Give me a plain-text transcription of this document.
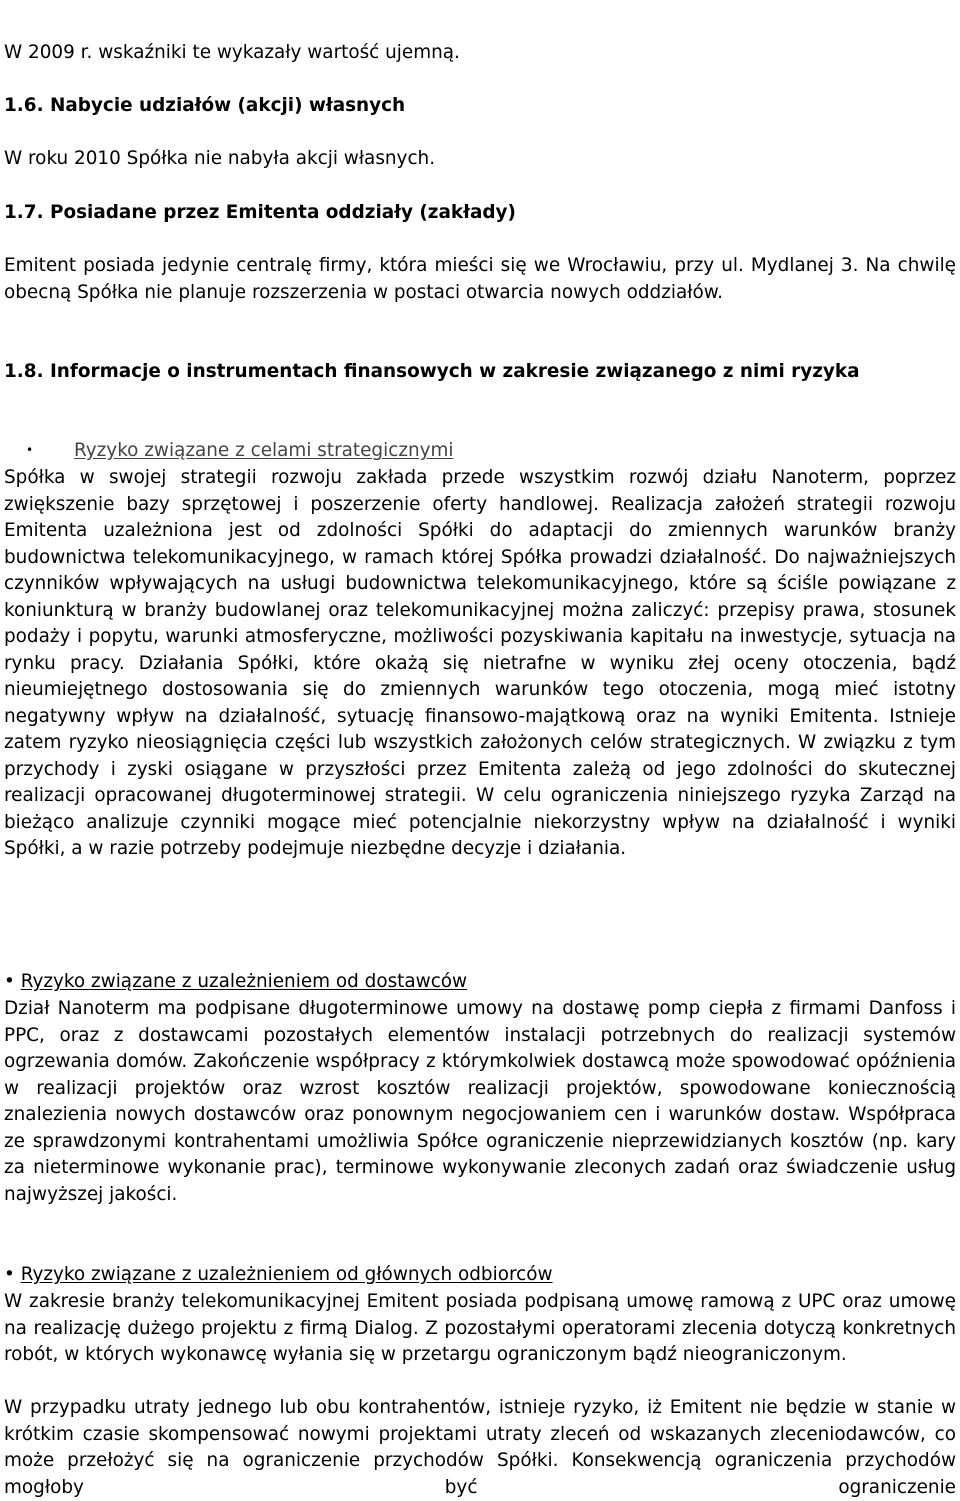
W 2009 r. wskaźniki te wykazały wartość ujemną.
1.6. Nabycie udziałów (akcji) własnych
W roku 2010 Spółka nie nabyła akcji własnych.
1.7. Posiadane przez Emitenta oddziały (zakłady)
Emitent posiada jedynie centralę firmy, która mieści się we Wrocławiu, przy ul. Mydlanej 3. Na chwilę obecną Spółka nie planuje rozszerzenia w postaci otwarcia nowych oddziałów.
1.8. Informacje o instrumentach finansowych w zakresie związanego z nimi ryzyka
• Ryzyko związane z celami strategicznymi
Spółka w swojej strategii rozwoju zakłada przede wszystkim rozwój działu Nanoterm, poprzez zwiększenie bazy sprzętowej i poszerzenie oferty handlowej. Realizacja założeń strategii rozwoju Emitenta uzależniona jest od zdolności Spółki do adaptacji do zmiennych warunków branży budownictwa telekomunikacyjnego, w ramach której Spółka prowadzi działalność. Do najważniejszych czynników wpływających na usługi budownictwa telekomunikacyjnego, które są ściśle powiązane z koniunkturą w branży budowlanej oraz telekomunikacyjnej można zaliczyć: przepisy prawa, stosunek podaży i popytu, warunki atmosferyczne, możliwości pozyskiwania kapitału na inwestycje, sytuacja na rynku pracy. Działania Spółki, które okażą się nietrafne w wyniku złej oceny otoczenia, bądź nieumiejętnego dostosowania się do zmiennych warunków tego otoczenia, mogą mieć istotny negatywny wpływ na działalność, sytuację finansowo-majątkową oraz na wyniki Emitenta. Istnieje zatem ryzyko nieosiągnięcia części lub wszystkich założonych celów strategicznych. W związku z tym przychody i zyski osiągane w przyszłości przez Emitenta zależą od jego zdolności do skutecznej realizacji opracowanej długoterminowej strategii. W celu ograniczenia niniejszego ryzyka Zarząd na bieżąco analizuje czynniki mogące mieć potencjalnie niekorzystny wpływ na działalność i wyniki Spółki, a w razie potrzeby podejmuje niezbędne decyzje i działania.
• Ryzyko związane z uzależnieniem od dostawców
Dział Nanoterm ma podpisane długoterminowe umowy na dostawę pomp ciepła z firmami Danfoss i PPC, oraz z dostawcami pozostałych elementów instalacji potrzebnych do realizacji systemów ogrzewania domów. Zakończenie współpracy z którymkolwiek dostawcą może spowodować opóźnienia w realizacji projektów oraz wzrost kosztów realizacji projektów, spowodowane koniecznością znalezienia nowych dostawców oraz ponownym negocjowaniem cen i warunków dostaw. Współpraca ze sprawdzonymi kontrahentami umożliwia Spółce ograniczenie nieprzewidzianych kosztów (np. kary za nieterminowe wykonanie prac), terminowe wykonywanie zleconych zadań oraz świadczenie usług najwyższej jakości.
• Ryzyko związane z uzależnieniem od głównych odbiorców
W zakresie branży telekomunikacyjnej Emitent posiada podpisaną umowę ramową z UPC oraz umowę na realizację dużego projektu z firmą Dialog. Z pozostałymi operatorami zlecenia dotyczą konkretnych robót, w których wykonawcę wyłania się w przetargu ograniczonym bądź nieograniczonym.
W przypadku utraty jednego lub obu kontrahentów, istnieje ryzyko, iż Emitent nie będzie w stanie w krótkim czasie skompensować nowymi projektami utraty zleceń od wskazanych zleceniodawców, co może przełożyć się na ograniczenie przychodów Spółki. Konsekwencją ograniczenia przychodów mogłoby być ograniczenie
